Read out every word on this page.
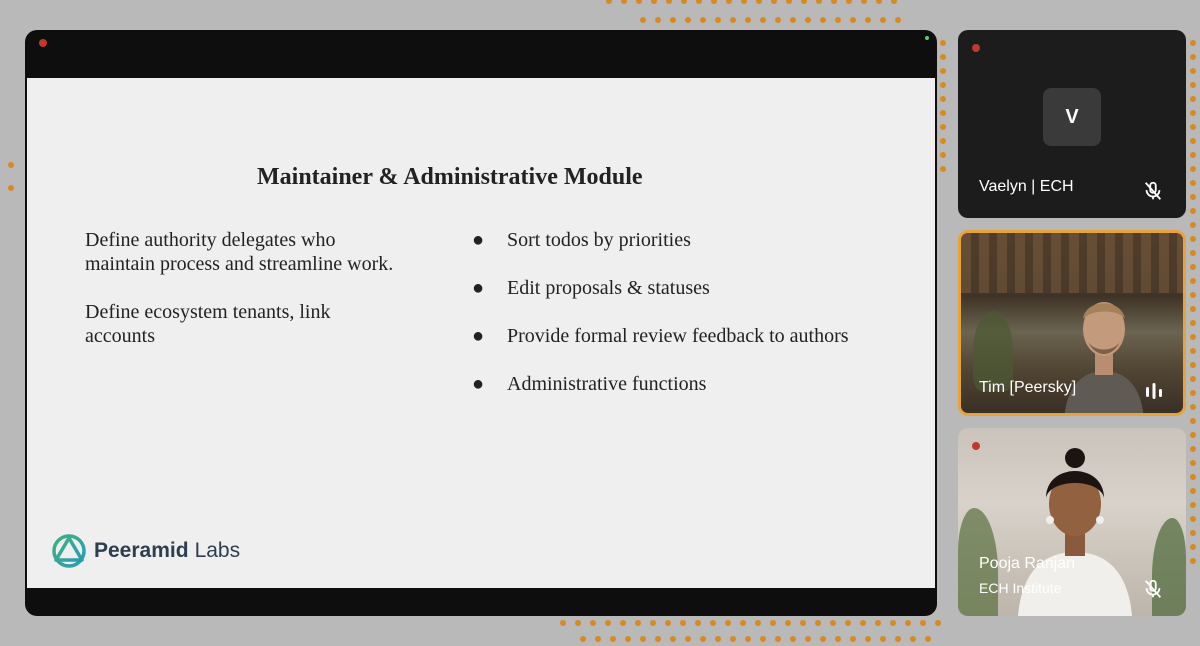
Maintainer & Administrative Module

Define authority delegates who maintain process and streamline work.

Define ecosystem tenants, link accounts

● Sort todos by priorities
● Edit proposals & statuses
● Provide formal review feedback to authors
● Administrative functions
Peeramid Labs
V
Vaelyn | ECH
Tim [Peersky]
Pooja Ranjan
ECH Institute
